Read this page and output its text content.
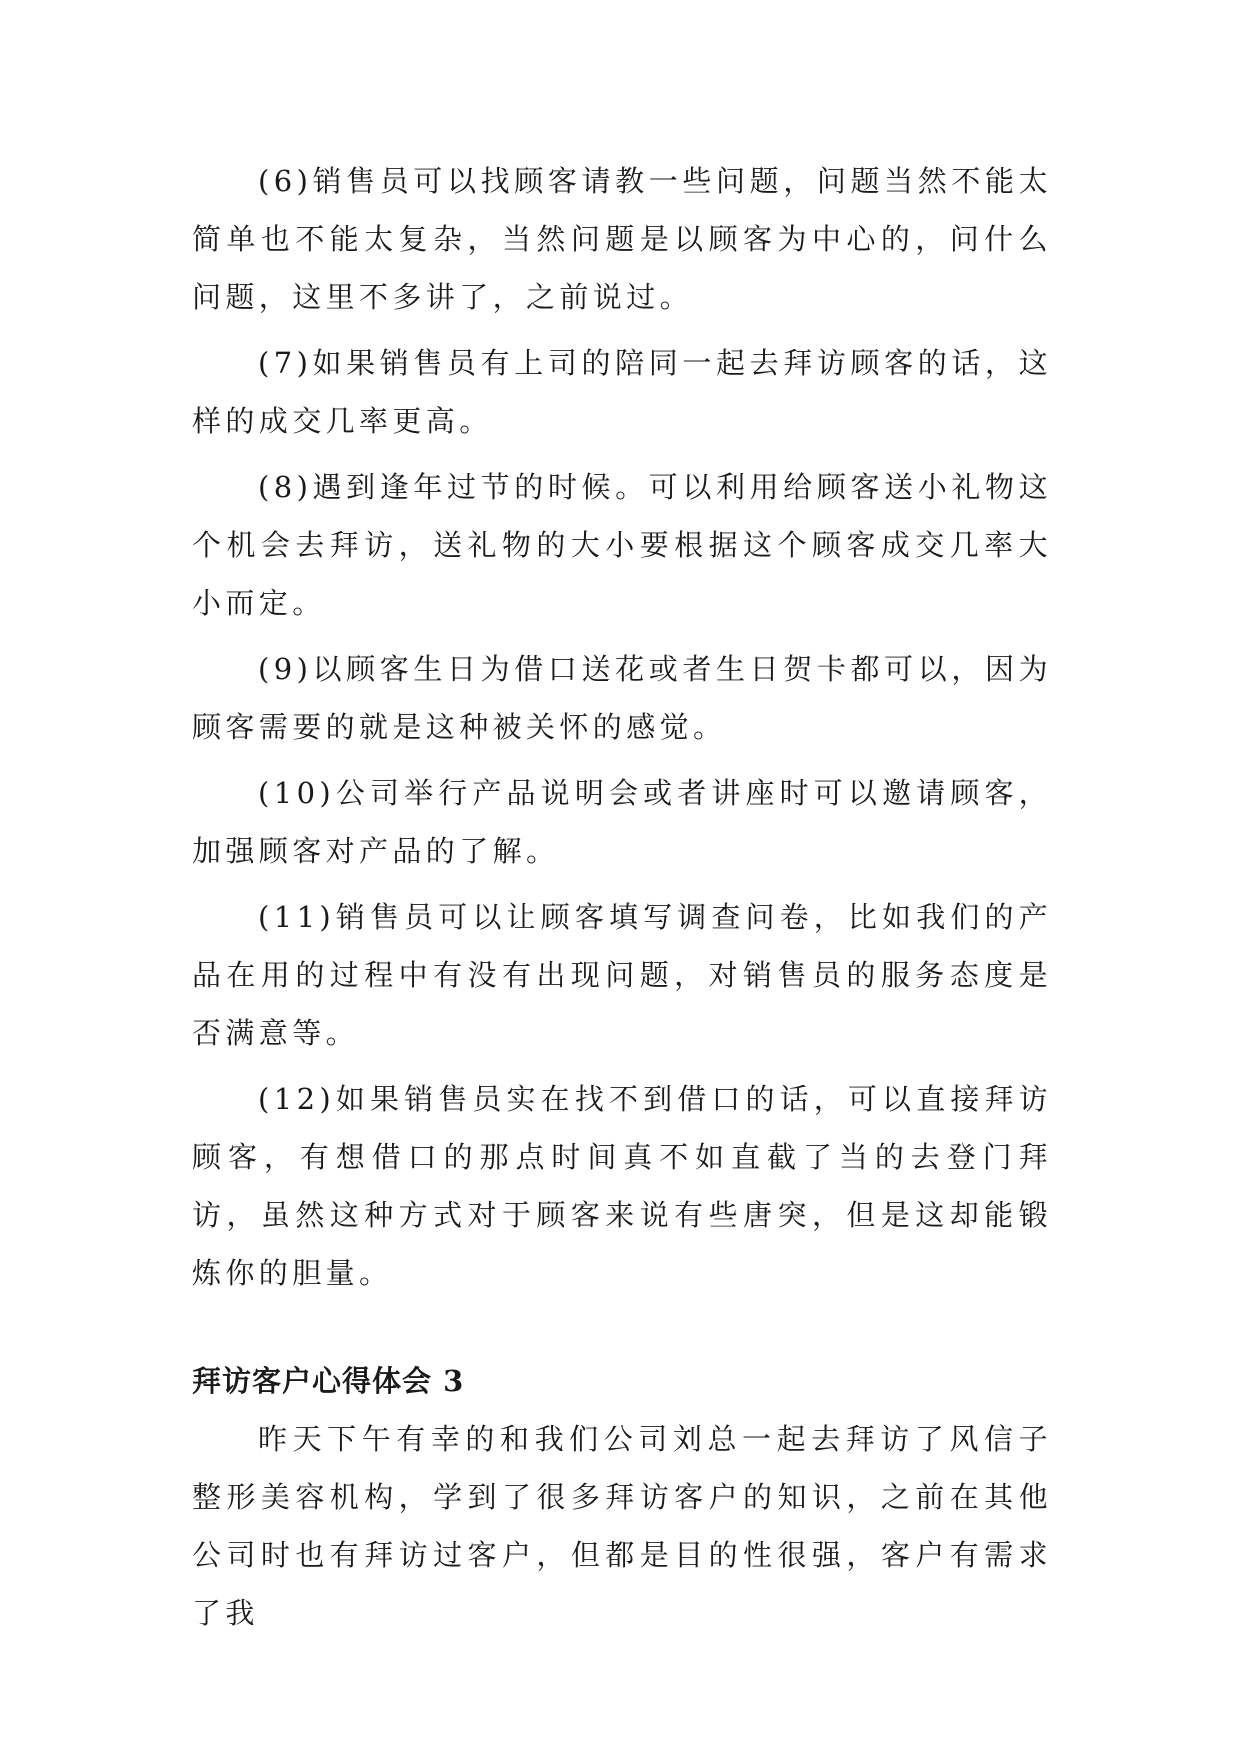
(6)销售员可以找顾客请教一些问题，问题当然不能太简单也不能太复杂，当然问题是以顾客为中心的，问什么问题，这里不多讲了，之前说过。

(7)如果销售员有上司的陪同一起去拜访顾客的话，这样的成交几率更高。

(8)遇到逢年过节的时候。可以利用给顾客送小礼物这个机会去拜访，送礼物的大小要根据这个顾客成交几率大小而定。

(9)以顾客生日为借口送花或者生日贺卡都可以，因为顾客需要的就是这种被关怀的感觉。

(10)公司举行产品说明会或者讲座时可以邀请顾客，加强顾客对产品的了解。

(11)销售员可以让顾客填写调查问卷，比如我们的产品在用的过程中有没有出现问题，对销售员的服务态度是否满意等。

(12)如果销售员实在找不到借口的话，可以直接拜访顾客，有想借口的那点时间真不如直截了当的去登门拜访，虽然这种方式对于顾客来说有些唐突，但是这却能锻炼你的胆量。

拜访客户心得体会 3

昨天下午有幸的和我们公司刘总一起去拜访了风信子整形美容机构，学到了很多拜访客户的知识，之前在其他公司时也有拜访过客户，但都是目的性很强，客户有需求了我
